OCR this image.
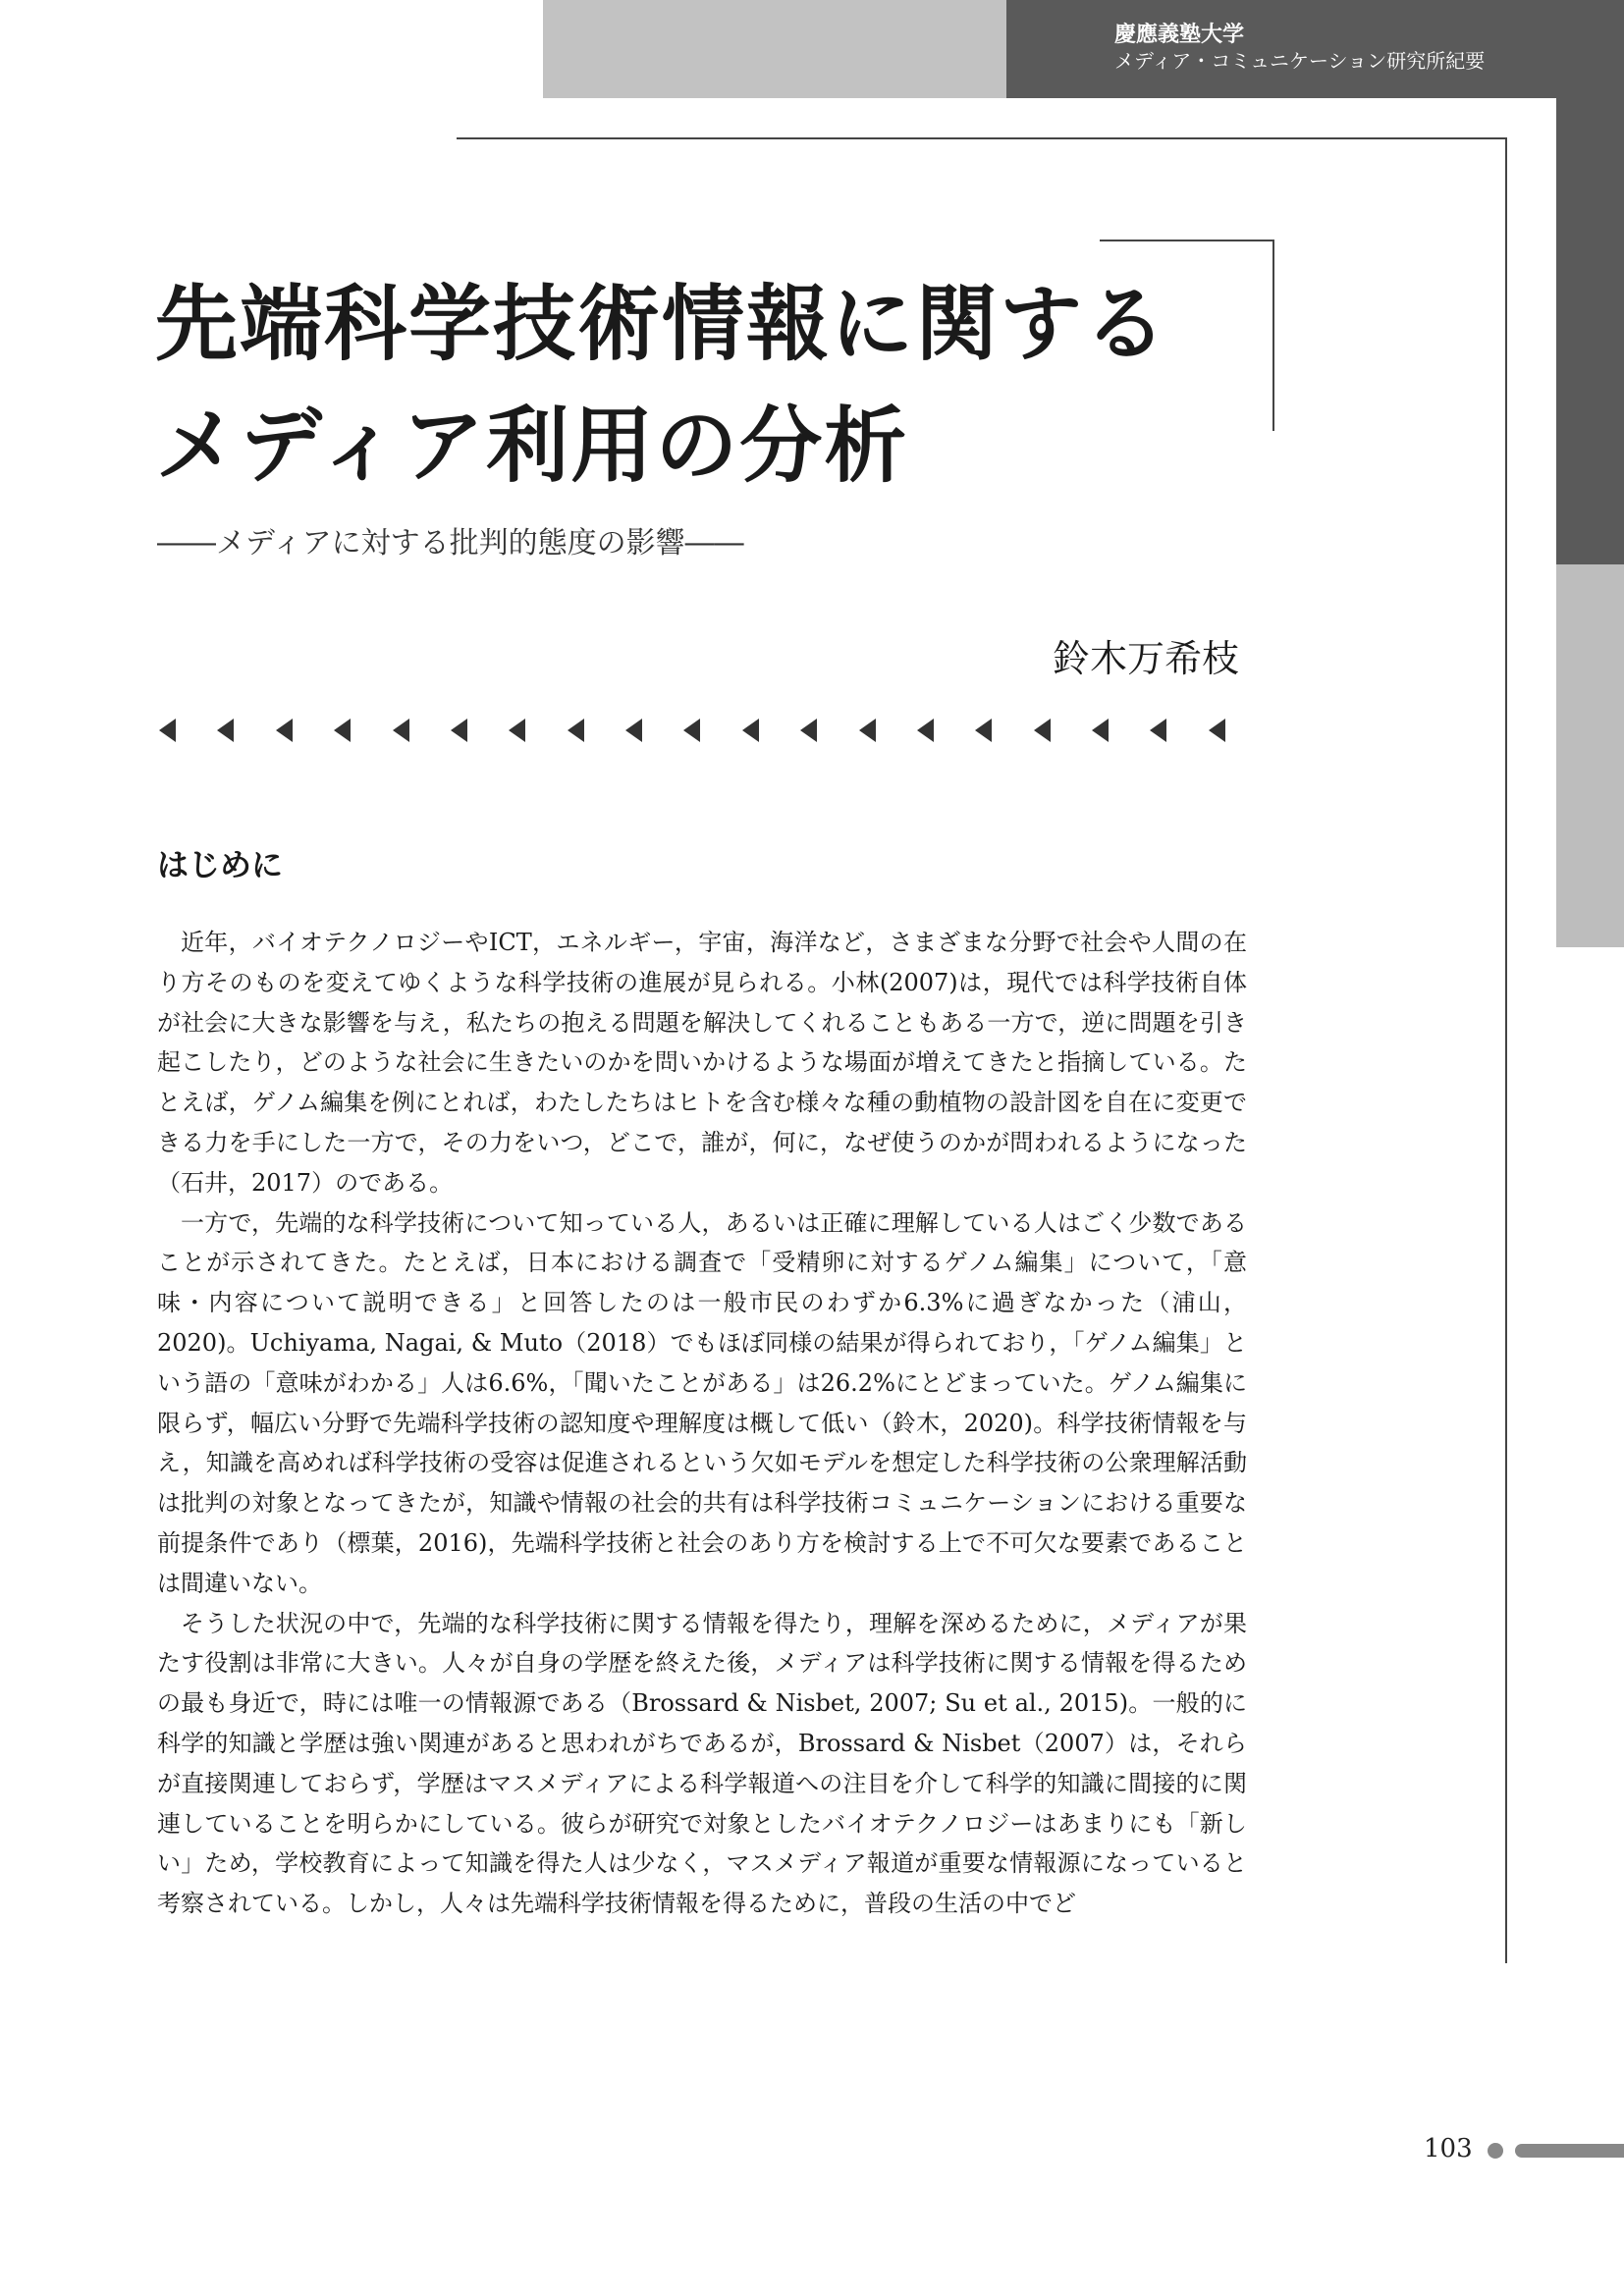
慶應義塾大学
メディア・コミュニケーション研究所紀要
先端科学技術情報に関する
メディア利用の分析

――メディアに対する批判的態度の影響――

鈴木万希枝

はじめに

近年，バイオテクノロジーやICT，エネルギー，宇宙，海洋など，さまざまな分野で社会や人間の在り方そのものを変えてゆくような科学技術の進展が見られる。小林(2007)は，現代では科学技術自体が社会に大きな影響を与え，私たちの抱える問題を解決してくれることもある一方で，逆に問題を引き起こしたり，どのような社会に生きたいのかを問いかけるような場面が増えてきたと指摘している。たとえば，ゲノム編集を例にとれば，わたしたちはヒトを含む様々な種の動植物の設計図を自在に変更できる力を手にした一方で，その力をいつ，どこで，誰が，何に，なぜ使うのかが問われるようになった（石井，2017）のである。

一方で，先端的な科学技術について知っている人，あるいは正確に理解している人はごく少数であることが示されてきた。たとえば，日本における調査で「受精卵に対するゲノム編集」について，「意味・内容について説明できる」と回答したのは一般市民のわずか6.3%に過ぎなかった（浦山，2020)。Uchiyama, Nagai, & Muto（2018）でもほぼ同様の結果が得られており，「ゲノム編集」という語の「意味がわかる」人は6.6%，「聞いたことがある」は26.2%にとどまっていた。ゲノム編集に限らず，幅広い分野で先端科学技術の認知度や理解度は概して低い（鈴木，2020)。科学技術情報を与え，知識を高めれば科学技術の受容は促進されるという欠如モデルを想定した科学技術の公衆理解活動は批判の対象となってきたが，知識や情報の社会的共有は科学技術コミュニケーションにおける重要な前提条件であり（標葉，2016)，先端科学技術と社会のあり方を検討する上で不可欠な要素であることは間違いない。

そうした状況の中で，先端的な科学技術に関する情報を得たり，理解を深めるために，メディアが果たす役割は非常に大きい。人々が自身の学歴を終えた後，メディアは科学技術に関する情報を得るための最も身近で，時には唯一の情報源である（Brossard & Nisbet, 2007; Su et al., 2015)。一般的に科学的知識と学歴は強い関連があると思われがちであるが，Brossard & Nisbet（2007）は，それらが直接関連しておらず，学歴はマスメディアによる科学報道への注目を介して科学的知識に間接的に関連していることを明らかにしている。彼らが研究で対象としたバイオテクノロジーはあまりにも「新しい」ため，学校教育によって知識を得た人は少なく，マスメディア報道が重要な情報源になっていると考察されている。しかし，人々は先端科学技術情報を得るために，普段の生活の中でど

103
